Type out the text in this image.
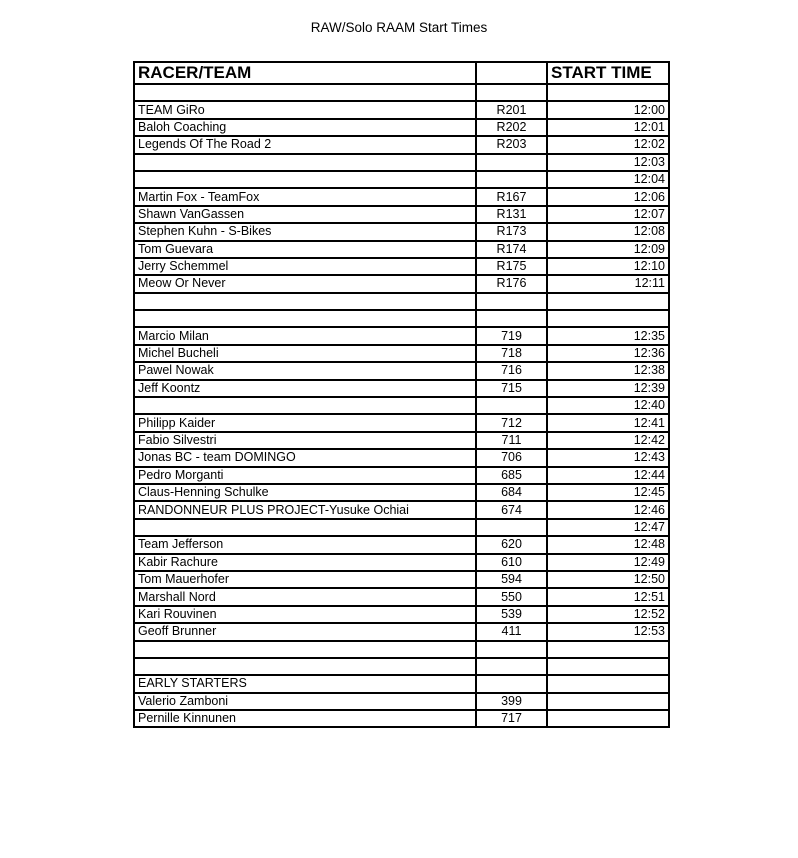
RAW/Solo RAAM Start Times
RACER/TEAM		START TIME

TEAM GiRo	R201	12:00
Baloh Coaching	R202	12:01
Legends Of The Road 2	R203	12:02
		12:03
		12:04
Martin Fox - TeamFox	R167	12:06
Shawn VanGassen	R131	12:07
Stephen Kuhn - S-Bikes	R173	12:08
Tom Guevara	R174	12:09
Jerry Schemmel	R175	12:10
Meow Or Never	R176	12:11

Marcio Milan	719	12:35
Michel Bucheli	718	12:36
Pawel Nowak	716	12:38
Jeff Koontz	715	12:39
		12:40
Philipp Kaider	712	12:41
Fabio Silvestri	711	12:42
Jonas BC - team DOMINGO	706	12:43
Pedro Morganti	685	12:44
Claus-Henning Schulke	684	12:45
RANDONNEUR PLUS PROJECT-Yusuke Ochiai	674	12:46
		12:47
Team Jefferson	620	12:48
Kabir Rachure	610	12:49
Tom Mauerhofer	594	12:50
Marshall Nord	550	12:51
Kari Rouvinen	539	12:52
Geoff Brunner	411	12:53

EARLY STARTERS		
Valerio Zamboni	399	
Pernille Kinnunen	717	
